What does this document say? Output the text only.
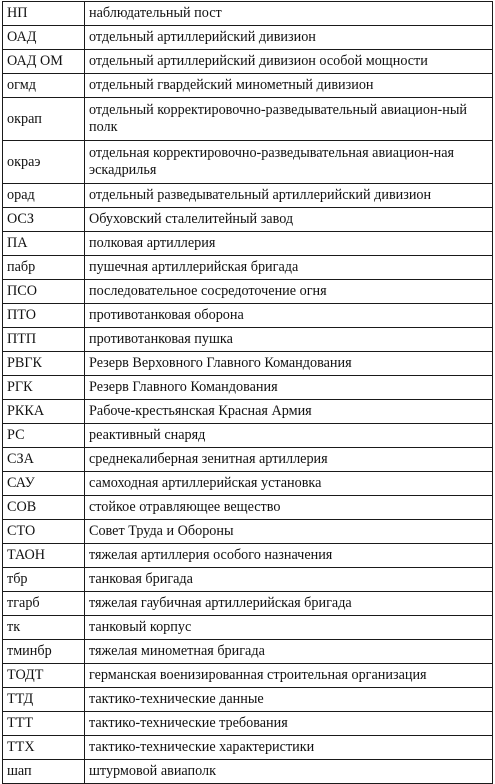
НП	наблюдательный пост
ОАД	отдельный артиллерийский дивизион
ОАД ОМ	отдельный артиллерийский дивизион особой мощности
огмд	отдельный гвардейский минометный дивизион
окрап	отдельный корректировочно-разведывательный авиацион-ный полк
окраэ	отдельная корректировочно-разведывательная авиацион-ная эскадрилья
орад	отдельный разведывательный артиллерийский дивизион
ОСЗ	Обуховский сталелитейный завод
ПА	полковая артиллерия
пабр	пушечная артиллерийская бригада
ПСО	последовательное сосредоточение огня
ПТО	противотанковая оборона
ПТП	противотанковая пушка
РВГК	Резерв Верховного Главного Командования
РГК	Резерв Главного Командования
РККА	Рабоче-крестьянская Красная Армия
РС	реактивный снаряд
СЗА	среднекалиберная зенитная артиллерия
САУ	самоходная артиллерийская установка
СОВ	стойкое отравляющее вещество
СТО	Совет Труда и Обороны
ТАОН	тяжелая артиллерия особого назначения
тбр	танковая бригада
тгарб	тяжелая гаубичная артиллерийская бригада
тк	танковый корпус
тминбр	тяжелая минометная бригада
ТОДТ	германская военизированная строительная организация
ТТД	тактико-технические данные
ТТТ	тактико-технические требования
ТТХ	тактико-технические характеристики
шап	штурмовой авиаполк
